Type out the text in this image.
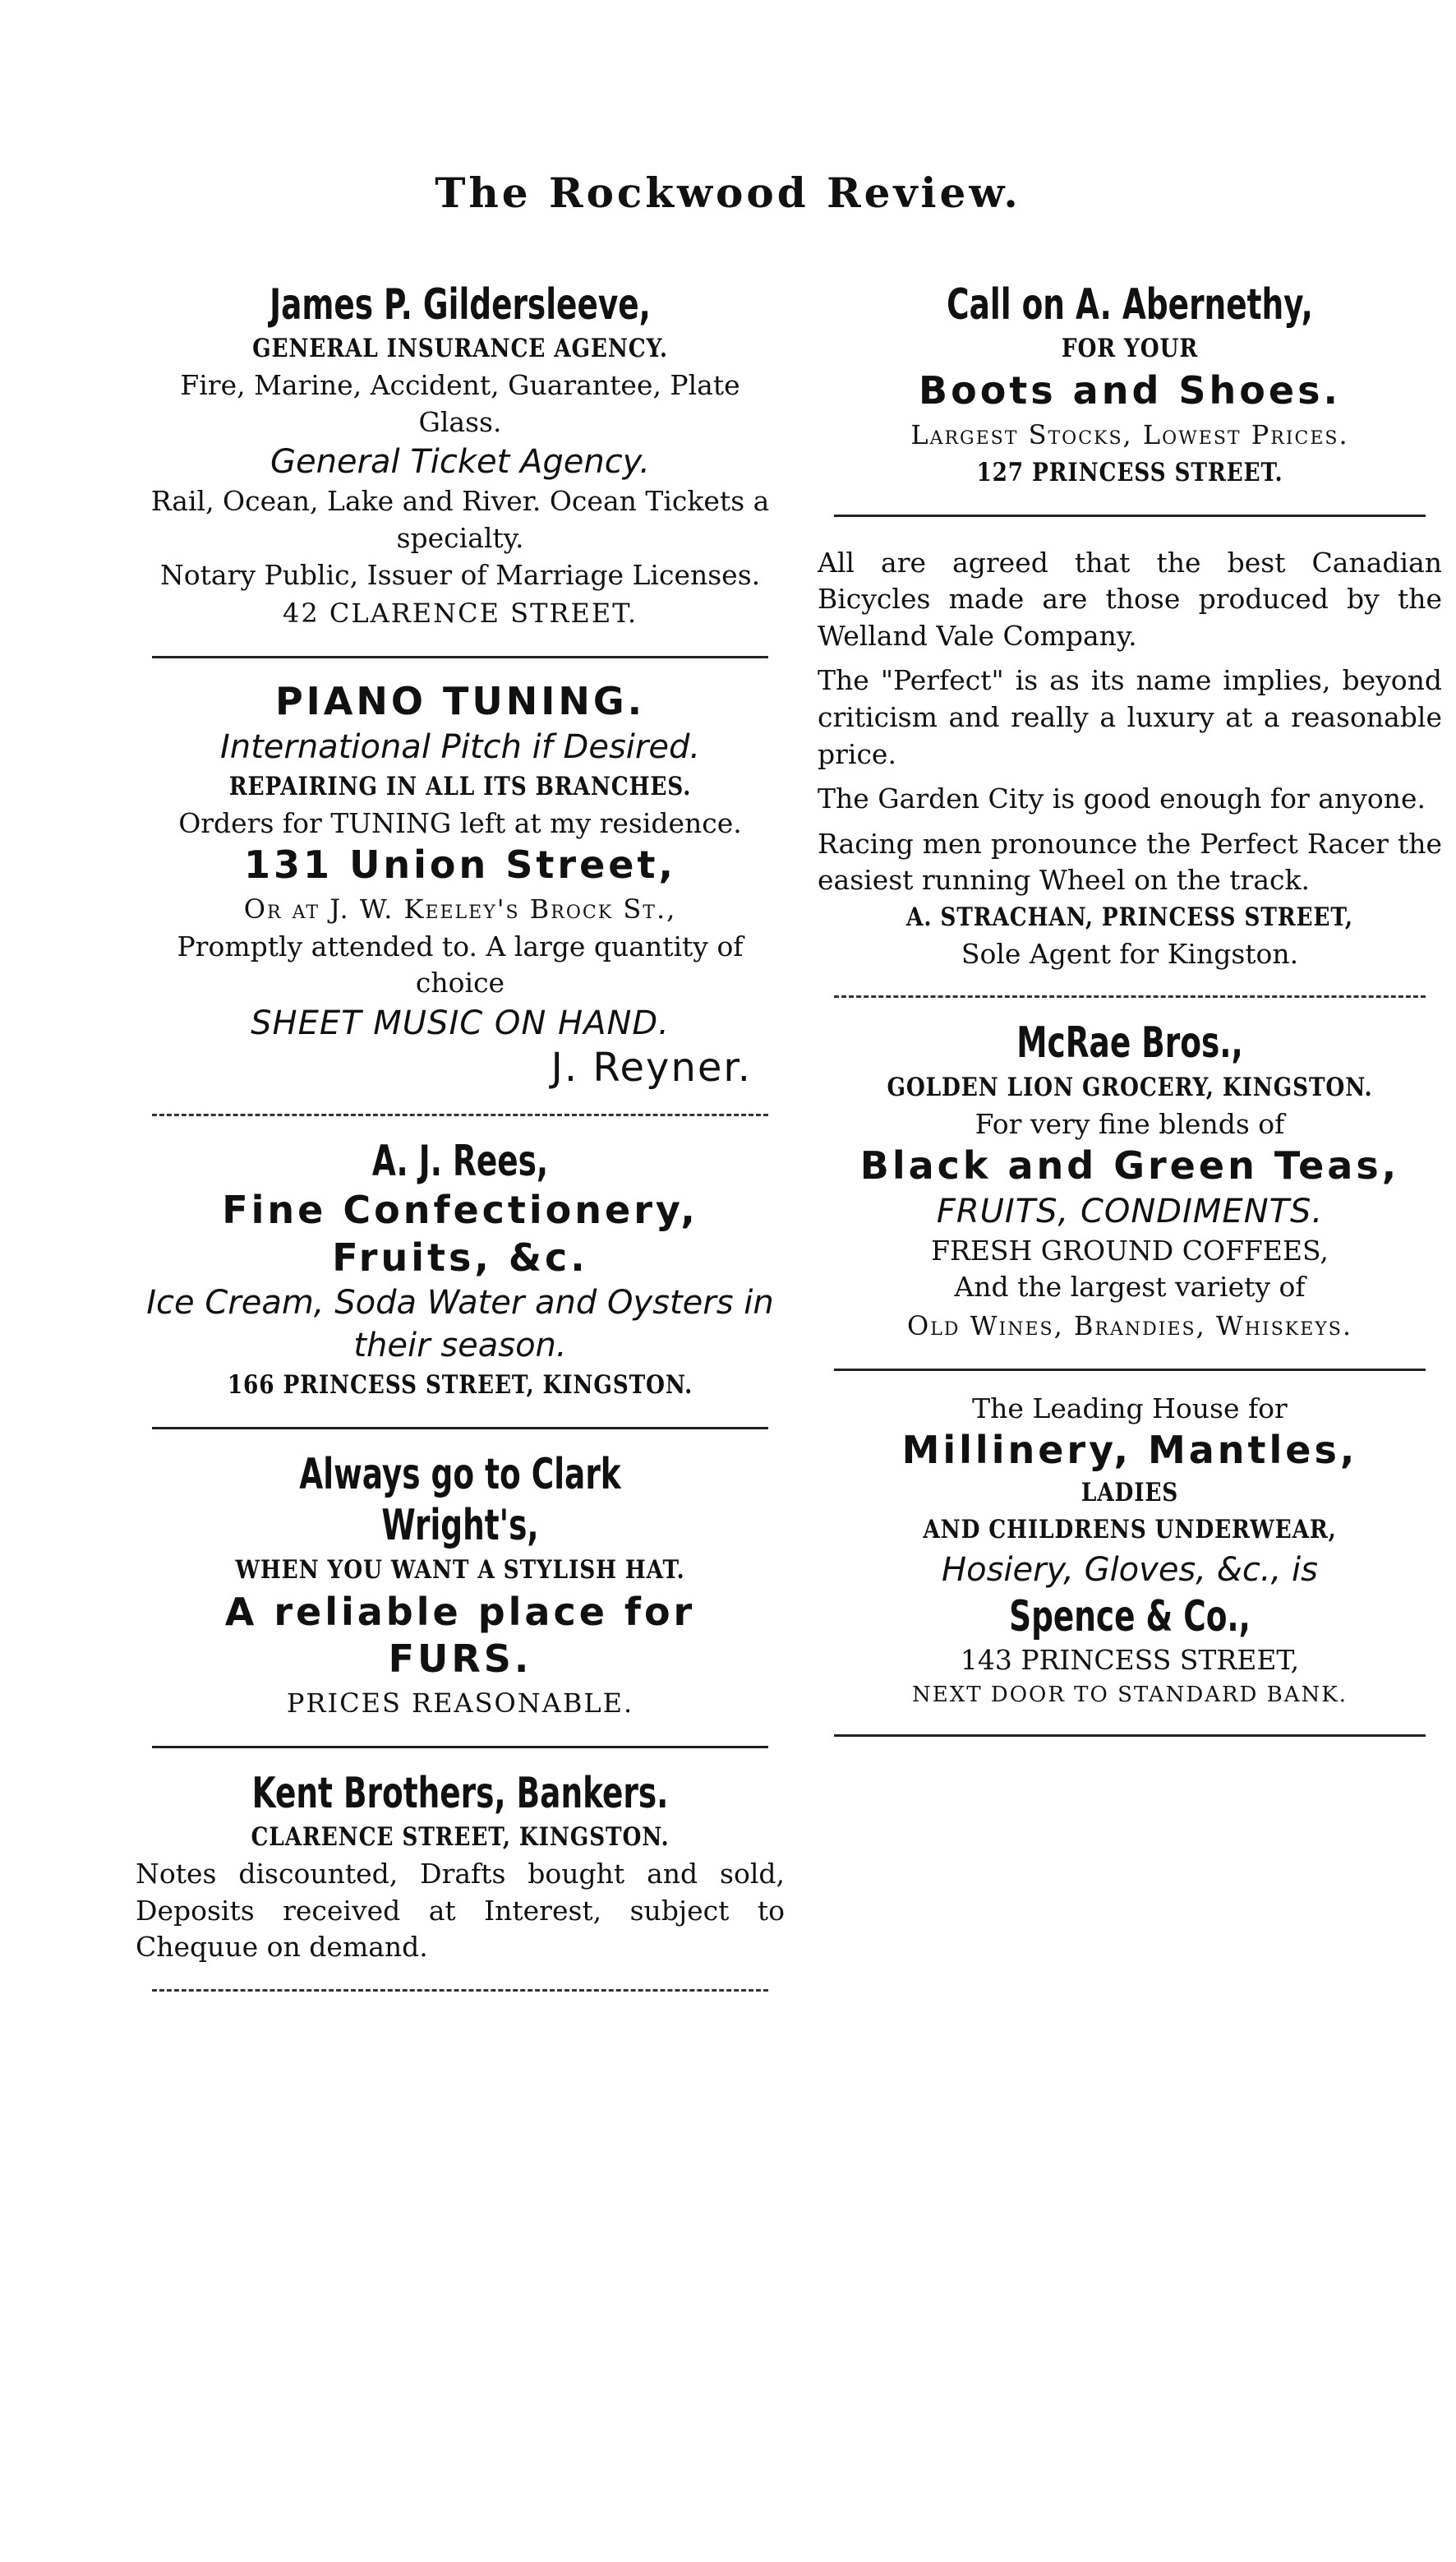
The Rockwood Review.
James P. Gildersleeve,
GENERAL INSURANCE AGENCY.
Fire, Marine, Accident, Guarantee, Plate Glass.
General Ticket Agency.
Rail, Ocean, Lake and River. Ocean Tickets a specialty.
Notary Public, Issuer of Marriage Licenses.
42 CLARENCE STREET.
PIANO TUNING.
International Pitch if Desired.
REPAIRING IN ALL ITS BRANCHES.
Orders for TUNING left at my residence.
131 Union Street,
Or at J. W. Keeley's Brock St.,
Promptly attended to. A large quantity of choice
SHEET MUSIC ON HAND.
J. Reyner.
A. J. Rees,
Fine Confectionery,
Fruits, &c.
Ice Cream, Soda Water and Oysters in their season.
166 PRINCESS STREET, KINGSTON.
Always go to Clark Wright's,
WHEN YOU WANT A STYLISH HAT.
A reliable place for
FURS.
PRICES REASONABLE.
Kent Brothers, Bankers.
CLARENCE STREET, KINGSTON.
Notes discounted, Drafts bought and sold, Deposits received at Interest, subject to Chequue on demand.
Call on A. Abernethy,
FOR YOUR
Boots and Shoes.
Largest Stocks, Lowest Prices.
127 PRINCESS STREET.
All are agreed that the best Canadian Bicycles made are those produced by the Welland Vale Company.
The "Perfect" is as its name implies, beyond criticism and really a luxury at a reasonable price.
The Garden City is good enough for anyone.
Racing men pronounce the Perfect Racer the easiest running Wheel on the track.
A. STRACHAN, PRINCESS STREET,
Sole Agent for Kingston.
McRae Bros.,
GOLDEN LION GROCERY, KINGSTON.
For very fine blends of
Black and Green Teas,
FRUITS, CONDIMENTS.
FRESH GROUND COFFEES,
And the largest variety of
Old Wines, Brandies, Whiskeys.
The Leading House for
Millinery, Mantles,
LADIES
AND CHILDRENS UNDERWEAR,
Hosiery, Gloves, &c., is
Spence & Co.,
143 PRINCESS STREET,
NEXT DOOR TO STANDARD BANK.
